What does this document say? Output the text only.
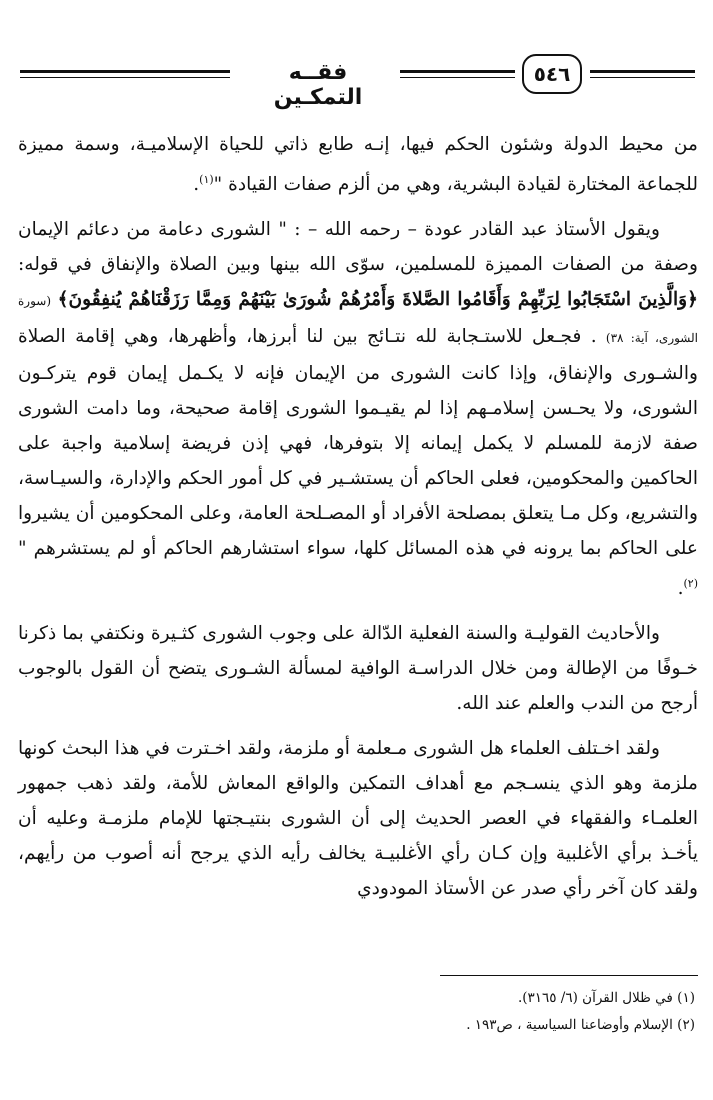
فقــه التمكـين
٥٤٦

من محيط الدولة وشئون الحكم فيها، إنـه طابع ذاتي للحياة الإسلاميـة، وسمة مميزة للجماعة المختارة لقيادة البشرية، وهي من ألزم صفات القيادة "$^{(١)}$.

ويقول الأستاذ عبد القادر عودة – رحمه الله – : " الشورى دعامة من دعائم الإيمان وصفة من الصفات المميزة للمسلمين، سوّى الله بينها وبين الصلاة والإنفاق في قوله: ﴿وَالَّذِينَ اسْتَجَابُوا لِرَبِّهِمْ وَأَقَامُوا الصَّلاةَ وَأَمْرُهُمْ شُورَىٰ بَيْنَهُمْ وَمِمَّا رَزَقْنَاهُمْ يُنفِقُونَ﴾ (سورة الشورى، آية: ٣٨) . فجـعل للاستـجابة لله نتـائج بين لنا أبرزها، وأظهرها، وهي إقامة الصلاة والشـورى والإنفاق، وإذا كانت الشورى من الإيمان فإنه لا يكـمل إيمان قوم يتركـون الشورى، ولا يحـسن إسلامـهم إذا لم يقيـموا الشورى إقامة صحيحة، وما دامت الشورى صفة لازمة للمسلم لا يكمل إيمانه إلا بتوفرها، فهي إذن فريضة إسلامية واجبة على الحاكمين والمحكومين، فعلى الحاكم أن يستشـير في كل أمور الحكم والإدارة، والسيـاسة، والتشريع، وكل مـا يتعلق بمصلحة الأفراد أو المصـلحة العامة، وعلى المحكومين أن يشيروا على الحاكم بما يرونه في هذه المسائل كلها، سواء استشارهم الحاكم أو لم يستشرهم "$^{(٢)}$.

والأحاديث القوليـة والسنة الفعلية الدّالة على وجوب الشورى كثـيرة ونكتفي بما ذكرنا خـوفًا من الإطالة ومن خلال الدراسـة الوافية لمسألة الشـورى يتضح أن القول بالوجوب أرجح من الندب والعلم عند الله.

ولقد اخـتلف العلماء هل الشورى مـعلمة أو ملزمة، ولقد اخـترت في هذا البحث كونها ملزمة وهو الذي ينسـجم مع أهداف التمكين والواقع المعاش للأمة، ولقد ذهب جمهور العلمـاء والفقهاء في العصر الحديث إلى أن الشورى بنتيـجتها للإمام ملزمـة وعليه أن يأخـذ برأي الأغلبية وإن كـان رأي الأغلبيـة يخالف رأيه الذي يرجح أنه أصوب من رأيهم، ولقد كان آخر رأي صدر عن الأستاذ المودودي

(١) في ظلال القرآن (٦/ ٣١٦٥).
(٢) الإسلام وأوضاعنا السياسية ، ص١٩٣ .
